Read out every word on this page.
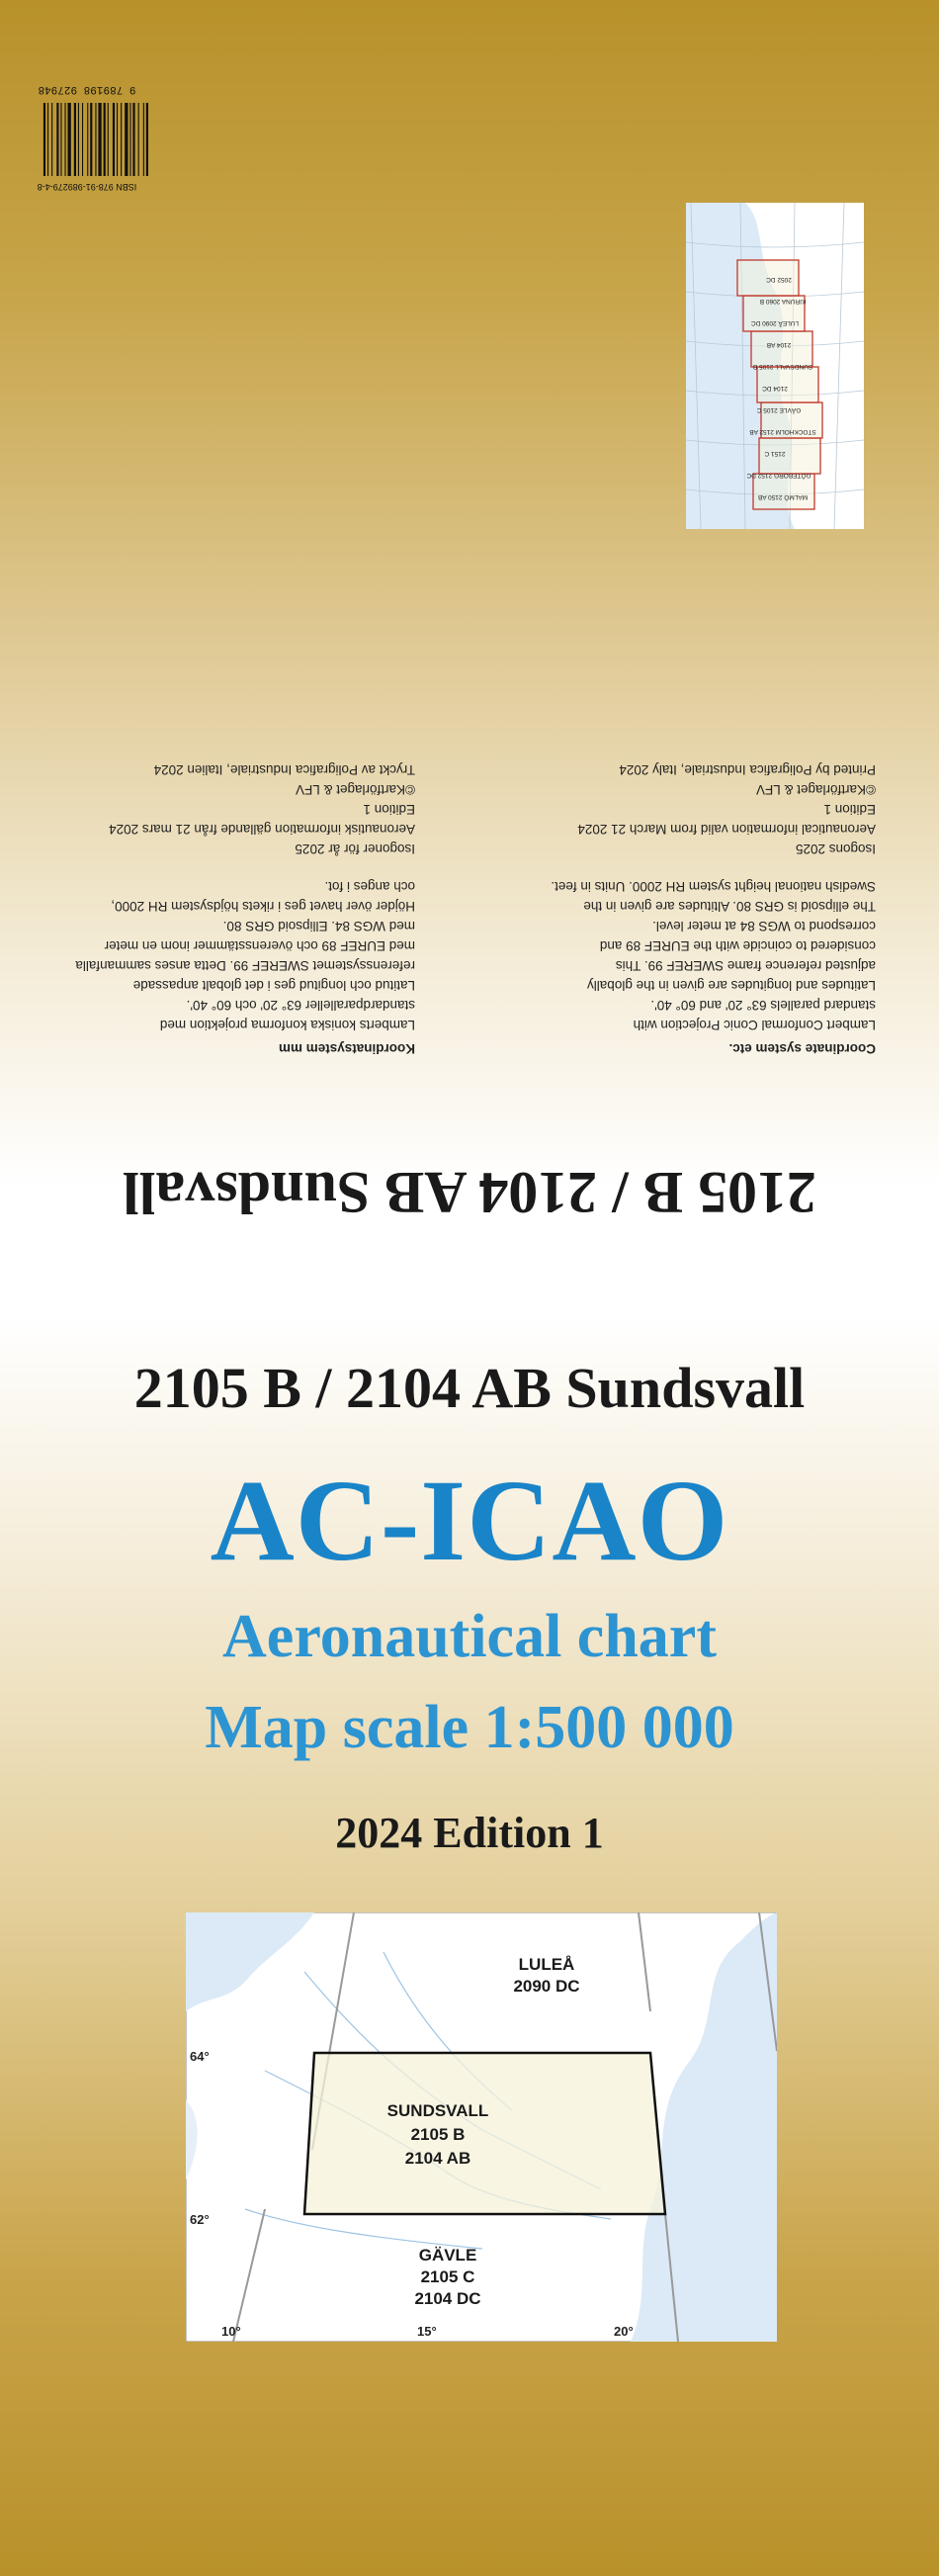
9 789198 927948
ISBN 978-91-989279-4-8
MALMÖ 2150 AB
GÖTEBORG 2152 DC
2151 C
STOCKHOLM 2152 AB
GÄVLE 2105 C
2104 DC
SUNDSVALL 2105 B
2104 AB
LULEÅ 2090 DC
KIRUNA 2060 B
2052 DC
2105 B / 2104 AB Sundsvall
Coordinate system etc.
Lambert Conformal Conic Projection with
standard parallels 63° 20' and 60° 40'.
Latitudes and longitudes are given in the globally
adjusted reference frame SWEREF 99. This
considered to coincide with the EUREF 89 and
correspond to WGS 84 at meter level.
The ellipsoid is GRS 80. Altitudes are given in the
Swedish national height system RH 2000. Units in feet.
Isogons 2025
Aeronautical information valid from March 21 2024
Edition 1
©Kartförlaget & LFV
Printed by Poligrafica Industriale, Italy 2024
Koordinatsystem mm
Lamberts koniska konforma projektion med
standardparalleller 63° 20' och 60° 40'.
Latitud och longitud ges i det globalt anpassade
referenssystemet SWEREF 99. Detta anses sammanfalla
med EUREF 89 och överensstämmer inom en meter
med WGS 84. Ellipsoid GRS 80.
Höjder över havet ges i rikets höjdsystem RH 2000,
och anges i fot.
Isogoner för år 2025
Aeronautisk information gällande från 21 mars 2024
Edition 1
©Kartförlaget & LFV
Tryckt av Poligrafica Industriale, Italien 2024
2105 B / 2104 AB Sundsvall
AC-ICAO
Aeronautical chart
Map scale 1:500 000
2024 Edition 1
LULEÅ
2090 DC
SUNDSVALL
2105 B
2104 AB
GÄVLE
2105 C
2104 DC
64°
62°
10°	15°	20°
